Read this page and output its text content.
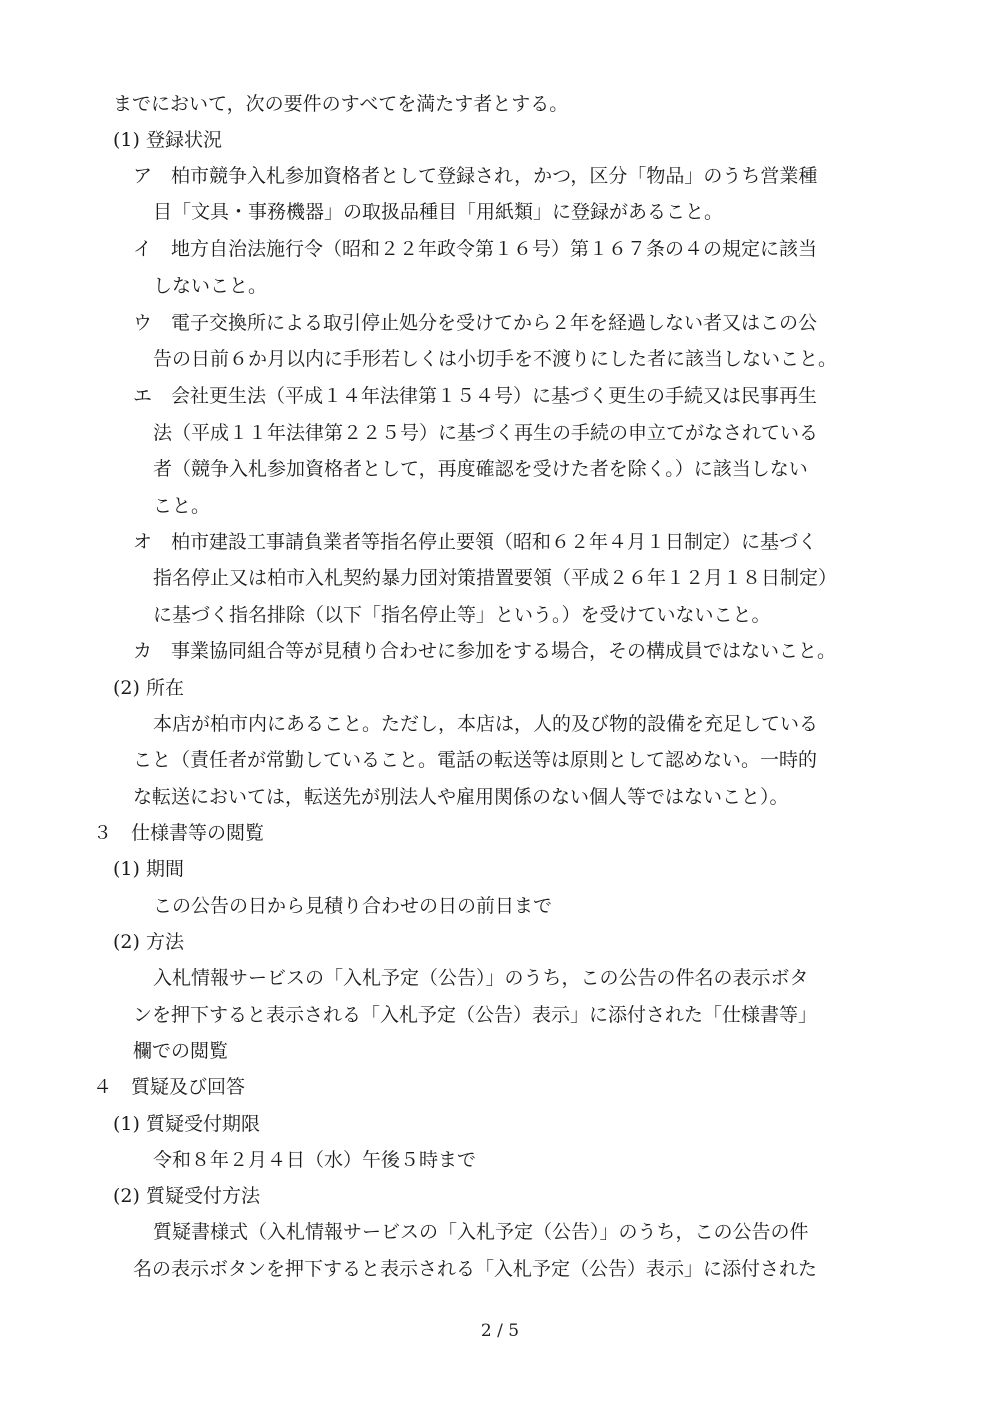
までにおいて，次の要件のすべてを満たす者とする。
(1) 登録状況
ア　柏市競争入札参加資格者として登録され，かつ，区分「物品」のうち営業種
目「文具・事務機器」の取扱品種目「用紙類」に登録があること。
イ　地方自治法施行令（昭和２２年政令第１６号）第１６７条の４の規定に該当
しないこと。
ウ　電子交換所による取引停止処分を受けてから２年を経過しない者又はこの公
告の日前６か月以内に手形若しくは小切手を不渡りにした者に該当しないこと。
エ　会社更生法（平成１４年法律第１５４号）に基づく更生の手続又は民事再生
法（平成１１年法律第２２５号）に基づく再生の手続の申立てがなされている
者（競争入札参加資格者として，再度確認を受けた者を除く。）に該当しない
こと。
オ　柏市建設工事請負業者等指名停止要領（昭和６２年４月１日制定）に基づく
指名停止又は柏市入札契約暴力団対策措置要領（平成２６年１２月１８日制定）
に基づく指名排除（以下「指名停止等」という。）を受けていないこと。
カ　事業協同組合等が見積り合わせに参加をする場合，その構成員ではないこと。
(2) 所在
本店が柏市内にあること。ただし，本店は，人的及び物的設備を充足している
こと（責任者が常勤していること。電話の転送等は原則として認めない。一時的
な転送においては，転送先が別法人や雇用関係のない個人等ではないこと）。
３　仕様書等の閲覧
(1) 期間
この公告の日から見積り合わせの日の前日まで
(2) 方法
入札情報サービスの「入札予定（公告）」のうち，この公告の件名の表示ボタ
ンを押下すると表示される「入札予定（公告）表示」に添付された「仕様書等」
欄での閲覧
４　質疑及び回答
(1) 質疑受付期限
令和８年２月４日（水）午後５時まで
(2) 質疑受付方法
質疑書様式（入札情報サービスの「入札予定（公告）」のうち，この公告の件
名の表示ボタンを押下すると表示される「入札予定（公告）表示」に添付された
2 / 5
